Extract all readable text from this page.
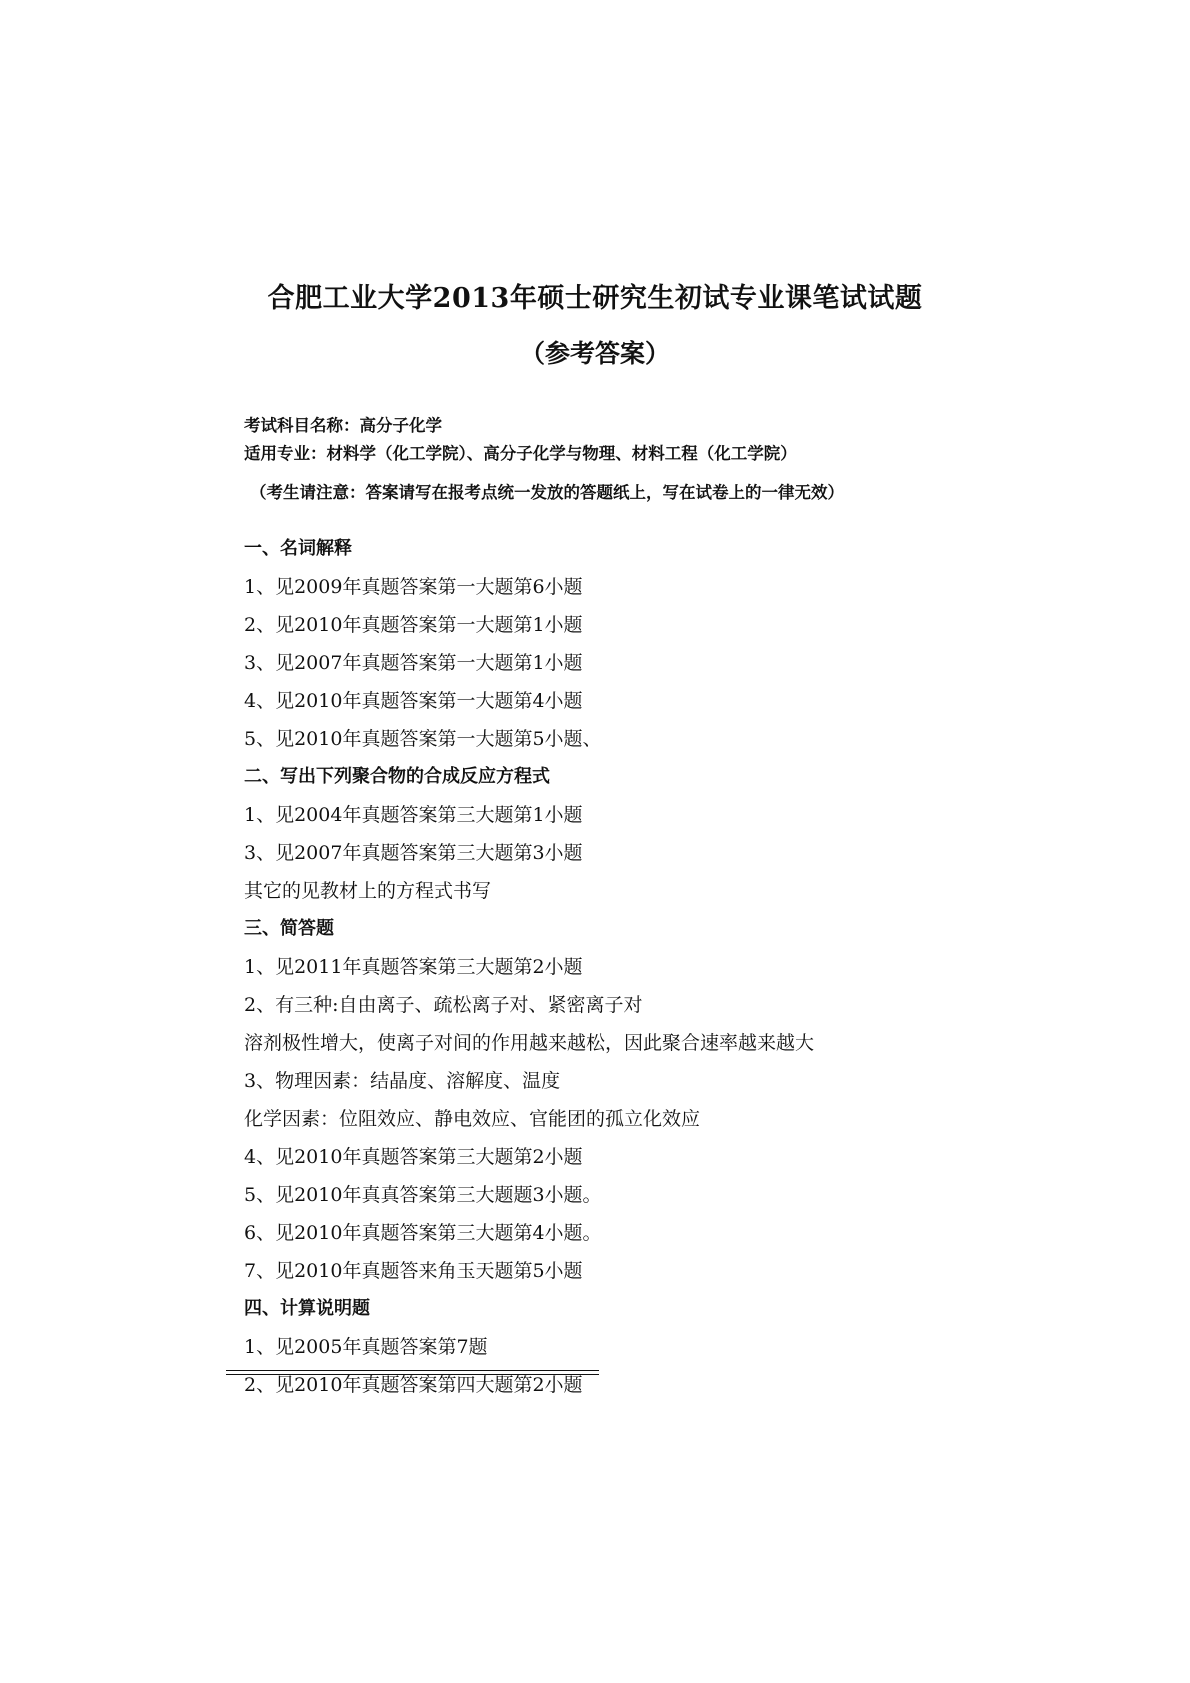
合肥工业大学2013年硕士研究生初试专业课笔试试题
（参考答案）
考试科目名称：高分子化学
适用专业：材料学（化工学院）、高分子化学与物理、材料工程（化工学院）
（考生请注意：答案请写在报考点统一发放的答题纸上，写在试卷上的一律无效）
一、名词解释
1、见2009年真题答案第一大题第6小题
2、见2010年真题答案第一大题第1小题
3、见2007年真题答案第一大题第1小题
4、见2010年真题答案第一大题第4小题
5、见2010年真题答案第一大题第5小题、
二、写出下列聚合物的合成反应方程式
1、见2004年真题答案第三大题第1小题
3、见2007年真题答案第三大题第3小题
其它的见教材上的方程式书写
三、简答题
1、见2011年真题答案第三大题第2小题
2、有三种:自由离子、疏松离子对、紧密离子对
溶剂极性增大，使离子对间的作用越来越松，因此聚合速率越来越大
3、物理因素：结晶度、溶解度、温度
化学因素：位阻效应、静电效应、官能团的孤立化效应
4、见2010年真题答案第三大题第2小题
5、见2010年真真答案第三大题题3小题。
6、见2010年真题答案第三大题第4小题。
7、见2010年真题答来角玉天题第5小题
四、计算说明题
1、见2005年真题答案第7题
2、见2010年真题答案第四大题第2小题
